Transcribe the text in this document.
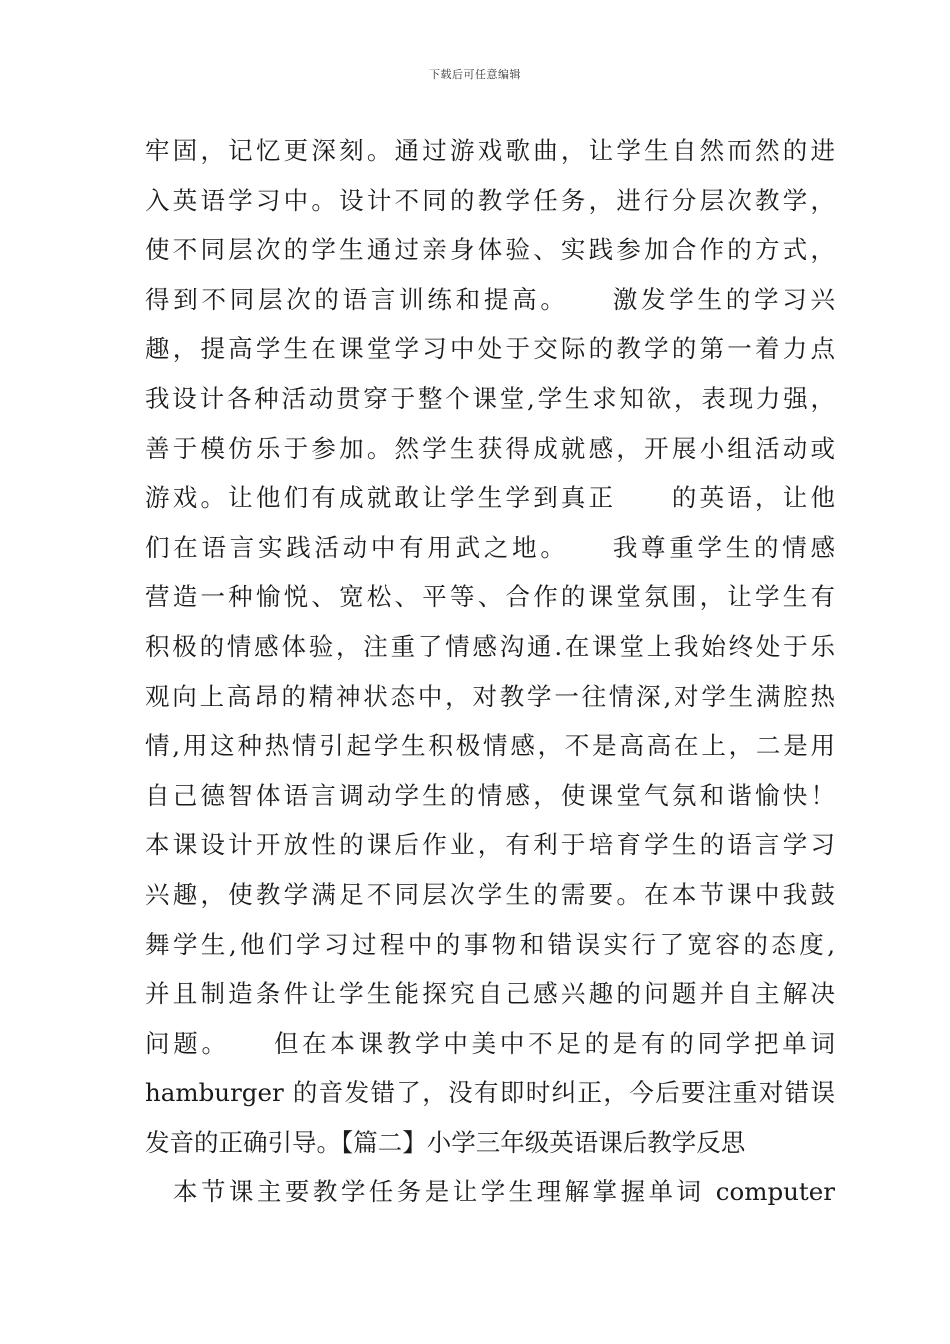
下载后可任意编辑
牢固，记忆更深刻。通过游戏歌曲，让学生自然而然的进
入英语学习中。设计不同的教学任务，进行分层次教学，
使不同层次的学生通过亲身体验、实践参加合作的方式，
得到不同层次的语言训练和提高。　　激发学生的学习兴
趣，提高学生在课堂学习中处于交际的教学的第一着力点
我设计各种活动贯穿于整个课堂,学生求知欲，表现力强，
善于模仿乐于参加。然学生获得成就感，开展小组活动或
游戏。让他们有成就敢让学生学到真正　　的英语，让他
们在语言实践活动中有用武之地。　　我尊重学生的情感
营造一种愉悦、宽松、平等、合作的课堂氛围，让学生有
积极的情感体验，注重了情感沟通.在课堂上我始终处于乐
观向上高昂的精神状态中，对教学一往情深,对学生满腔热
情,用这种热情引起学生积极情感，不是高高在上，二是用
自己德智体语言调动学生的情感，使课堂气氛和谐愉快！
本课设计开放性的课后作业，有利于培育学生的语言学习
兴趣，使教学满足不同层次学生的需要。在本节课中我鼓
舞学生,他们学习过程中的事物和错误实行了宽容的态度,
并且制造条件让学生能探究自己感兴趣的问题并自主解决
问题。　　但在本课教学中美中不足的是有的同学把单词
hamburger 的音发错了，没有即时纠正，今后要注重对错误
发音的正确引导。【篇二】小学三年级英语课后教学反思
　本节课主要教学任务是让学生理解掌握单词 computer
